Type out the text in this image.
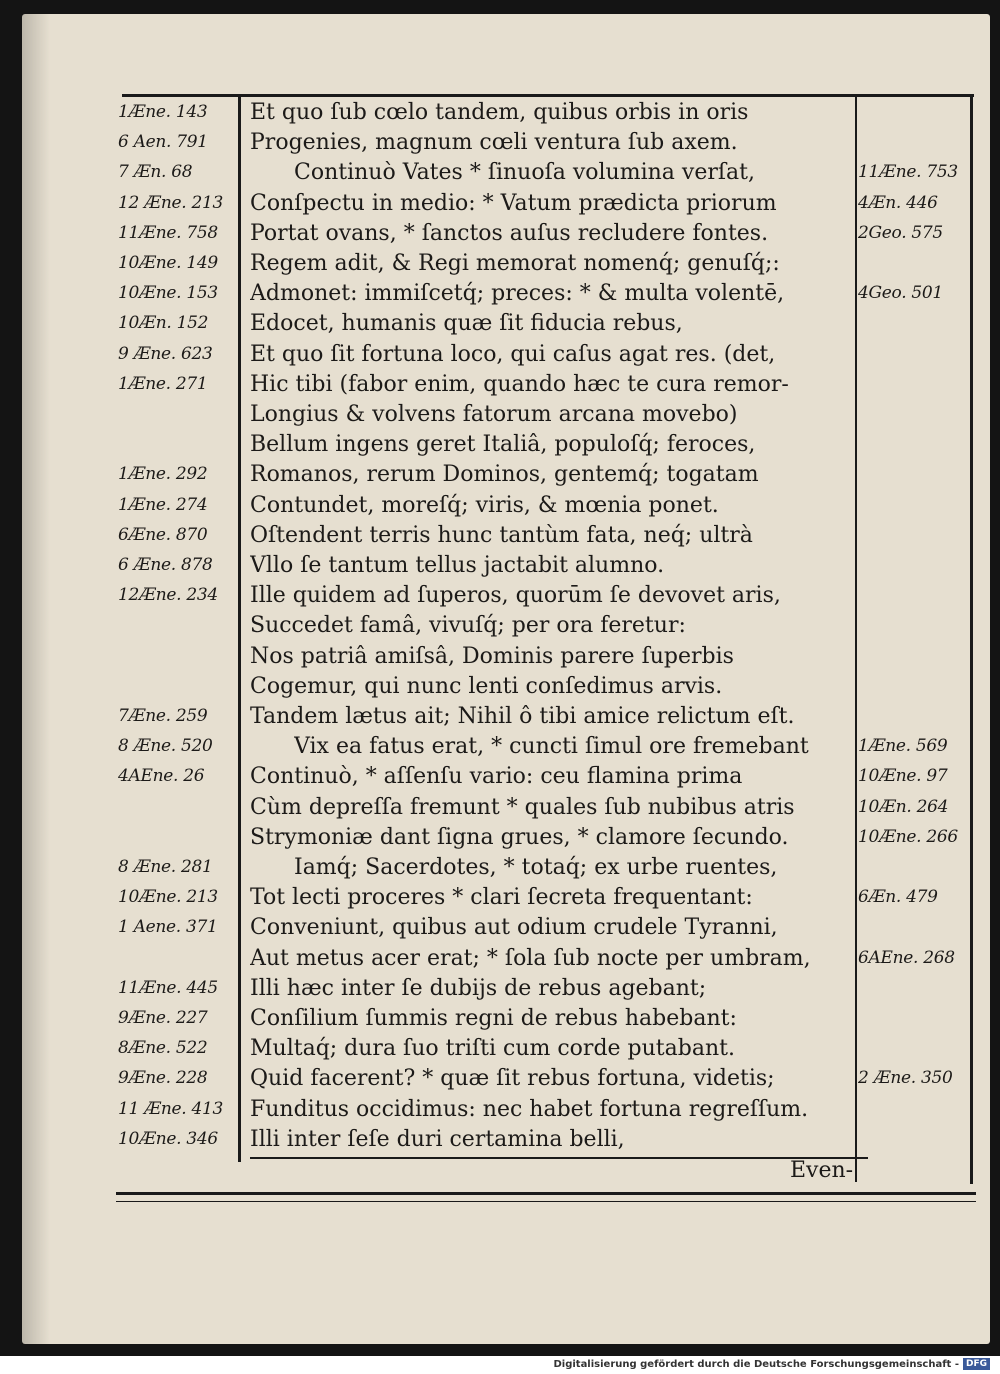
1Æne. 143	Et quo ſub cœlo tandem, quibus orbis in oris
6 Aen. 791	Progenies, magnum cœli ventura ſub axem.
7 Æn. 68	Continuò Vates * ſinuoſa volumina verſat,	11Æne. 753
12 Æne. 213	Conſpectu in medio: * Vatum prædicta priorum	4Æn. 446
11Æne. 758	Portat ovans, * ſanctos auſus recludere fontes.	2Geo. 575
10Æne. 149	Regem adit, & Regi memorat nomenq́; genuſq́;:
10Æne. 153	Admonet: immiſcetq́; preces: * & multa volentē,	4Geo. 501
10Æn. 152	Edocet, humanis quæ ſit fiducia rebus,
9 Æne. 623	Et quo ſit fortuna loco, qui caſus agat res. (det,
1Æne. 271	Hic tibi (fabor enim, quando hæc te cura remor-
Longius & volvens fatorum arcana movebo)
Bellum ingens geret Italiâ, populoſq́; feroces,
1Æne. 292	Romanos, rerum Dominos, gentemq́; togatam
1Æne. 274	Contundet, moreſq́; viris, & mœnia ponet.
6Æne. 870	Oſtendent terris hunc tantùm fata, neq́; ultrà
6 Æne. 878	Vllo ſe tantum tellus jactabit alumno.
12Æne. 234	Ille quidem ad ſuperos, quorūm ſe devovet aris,
Succedet famâ, vivuſq́; per ora feretur:
Nos patriâ amiſsâ, Dominis parere ſuperbis
Cogemur, qui nunc lenti conſedimus arvis.
7Æne. 259	Tandem lætus ait; Nihil ô tibi amice relictum eſt.
8 Æne. 520	Vix ea fatus erat, * cuncti ſimul ore fremebant	1Æne. 569
4AEne. 26	Continuò, * aſſenſu vario: ceu flamina prima	10Æne. 97
Cùm depreſſa fremunt * quales ſub nubibus atris	10Æn. 264
Strymoniæ dant ſigna grues, * clamore ſecundo.	10Æne. 266
8 Æne. 281	Iamq́; Sacerdotes, * totaq́; ex urbe ruentes,
10Æne. 213	Tot lecti proceres * clari ſecreta frequentant:	6Æn. 479
1 Aene. 371	Conveniunt, quibus aut odium crudele Tyranni,
Aut metus acer erat; * ſola ſub nocte per umbram,	6AEne. 268
11Æne. 445	Illi hæc inter ſe dubijs de rebus agebant;
9Æne. 227	Conſilium ſummis regni de rebus habebant:
8Æne. 522	Multaq́; dura ſuo triſti cum corde putabant.
9Æne. 228	Quid facerent? * quæ ſit rebus fortuna, videtis;	2 Æne. 350
11 Æne. 413	Funditus occidimus: nec habet fortuna regreſſum.
10Æne. 346	Illi inter ſeſe duri certamina belli,
Even-
Digitalisierung gefördert durch die Deutsche Forschungsgemeinschaft - DFG
